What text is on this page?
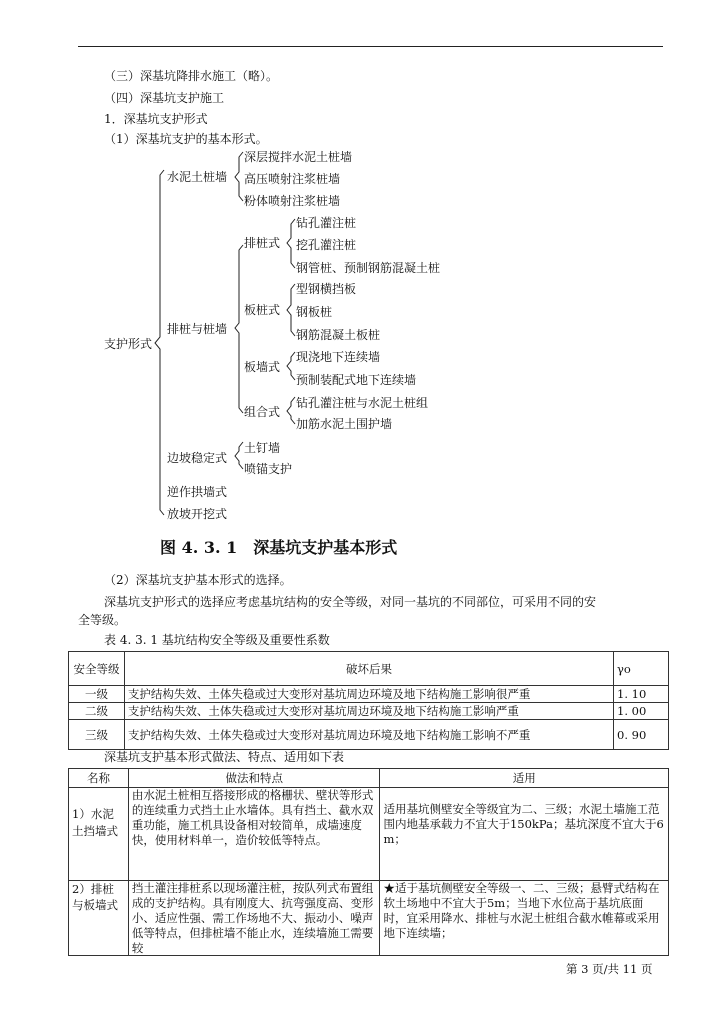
（三）深基坑降排水施工（略）。
（四）深基坑支护施工
1．深基坑支护形式
（1）深基坑支护的基本形式。
支护形式
水泥土桩墙
深层搅拌水泥土桩墙
高压喷射注浆桩墙
粉体喷射注浆桩墙
排桩与桩墙
排桩式
钻孔灌注桩
挖孔灌注桩
钢管桩、预制钢筋混凝土桩
板桩式
型钢横挡板
钢板桩
钢筋混凝土板桩
板墙式
现浇地下连续墙
预制装配式地下连续墙
组合式
钻孔灌注桩与水泥土桩组
加筋水泥土围护墙
边坡稳定式
土钉墙
喷锚支护
逆作拱墙式
放坡开挖式
图 4. 3. 1　深基坑支护基本形式
（2）深基坑支护基本形式的选择。
深基坑支护形式的选择应考虑基坑结构的安全等级，对同一基坑的不同部位，可采用不同的安
全等级。
表 4. 3. 1 基坑结构安全等级及重要性系数
安全等级	破坏后果	γo
一级	支护结构失效、土体失稳或过大变形对基坑周边环境及地下结构施工影响很严重	1. 10
二级	支护结构失效、土体失稳或过大变形对基坑周边环境及地下结构施工影响严重	1. 00
三级	支护结构失效、土体失稳或过大变形对基坑周边环境及地下结构施工影响不严重	0. 90
深基坑支护基本形式做法、特点、适用如下表
名称	做法和特点	适用

1）水泥土挡墙式	由水泥土桩相互搭接形成的格栅状、壁状等形式的连续重力式挡土止水墙体。具有挡土、截水双重功能，施工机具设备相对较简单，成墙速度快，使用材料单一，造价较低等特点。	适用基坑侧壁安全等级宜为二、三级；水泥土墙施工范围内地基承载力不宜大于150kPa；基坑深度不宜大于6m；

2）排桩与板墙式	挡土灌注排桩系以现场灌注桩，按队列式布置组成的支护结构。具有刚度大、抗弯强度高、变形小、适应性强、需工作场地不大、振动小、噪声低等特点，但排桩墙不能止水，连续墙施工需要较	★适于基坑侧壁安全等级一、二、三级；悬臂式结构在软土场地中不宜大于5m；当地下水位高于基坑底面时，宜采用降水、排桩与水泥土桩组合截水帷幕或采用地下连续墙；
第 3 页/共 11 页
